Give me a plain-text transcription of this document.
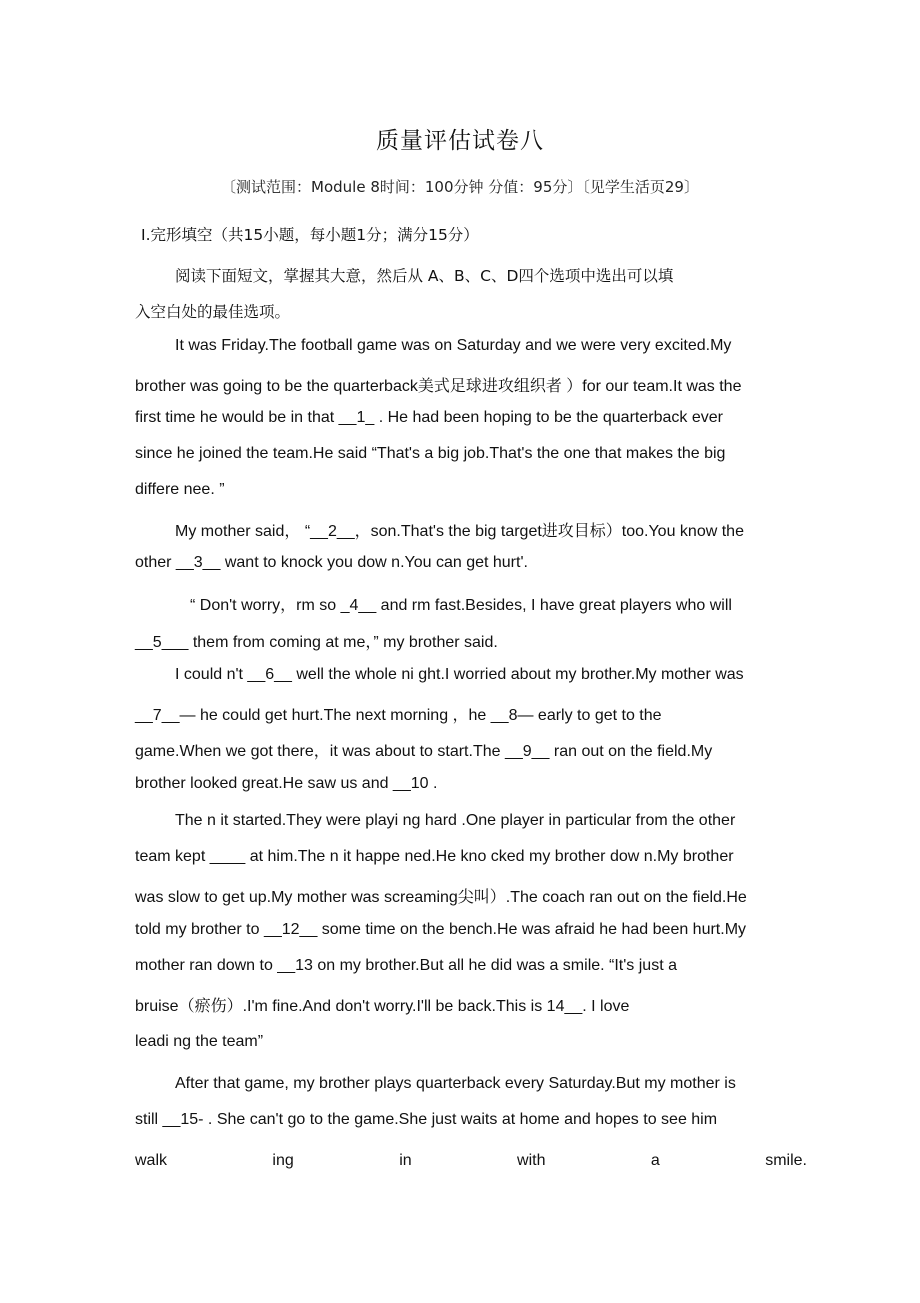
质量评估试卷八
〔测试范围：Module 8时间：100分钟 分值：95分〕〔见学生活页29〕
Ⅰ.完形填空（共15小题，每小题1分；满分15分）
阅读下面短文，掌握其大意，然后从 A、B、C、D四个选项中选出可以填
入空白处的最佳选项。
It was Friday.The football game was on Saturday and we were very excited.My
brother was going to be the quarterback美式足球进攻组织者 ）for our team.It was the
first time he would be in that __1_ . He had been hoping to be the quarterback ever
since he joined the team.He said “That's a big job.That's the one that makes the big
differe nee. ”
My mother said， “__2__，son.That's the big target进攻目标）too.You know the
other __3__ want to knock you dow n.You can get hurt'.
“ Don't worry，rm so _4__ and rm fast.Besides, I have great players who will
__5___ them from coming at me，” my brother said.
I could n't __6__ well the whole ni ght.I worried about my brother.My mother was
__7__— he could get hurt.The next morning ，he __8— early to get to the
game.When we got there，it was about to start.The __9__ ran out on the field.My
brother looked great.He saw us and __10 .
The n it started.They were playi ng hard .One player in particular from the other
team kept ____ at him.The n it happe ned.He kno cked my brother dow n.My brother
was slow to get up.My mother was screaming尖叫）.The coach ran out on the field.He
told my brother to __12__ some time on the bench.He was afraid he had been hurt.My
mother ran down to __13 on my brother.But all he did was a smile. “It's just a
bruise（瘀伤）.I'm fine.And don't worry.I'll be back.This is 14__. I love
leadi ng the team”
After that game, my brother plays quarterback every Saturday.But my mother is
still __15- . She can't go to the game.She just waits at home and hopes to see him
walk	ing	in	with	a	smile.
